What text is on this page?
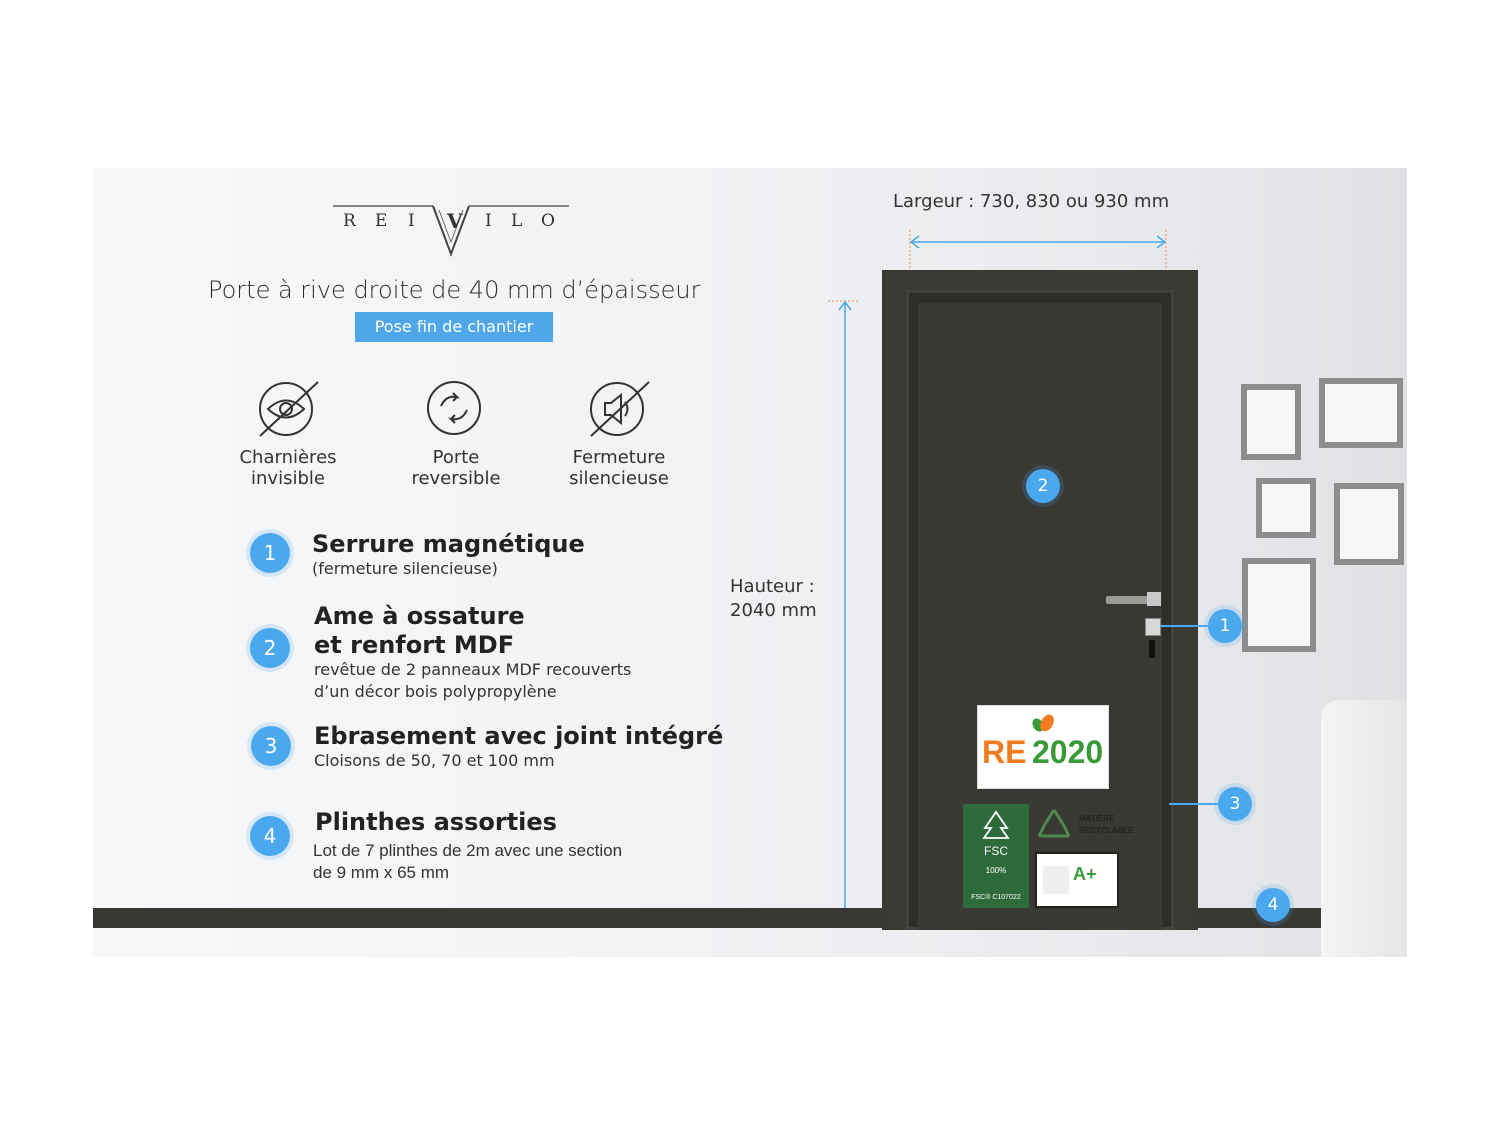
R E I V I L O
Porte à rive droite de 40 mm d’épaisseur
Pose fin de chantier
Charnières
invisible
Porte
reversible
Fermeture
silencieuse
1	Serrure magnétique
(fermeture silencieuse)
2
Ame à ossature
et renfort MDF
revêtue de 2 panneaux MDF recouverts
d’un décor bois polypropylène
3	Ebrasement avec joint intégré
Cloisons de 50, 70 et 100 mm
4	Plinthes assorties
Lot de 7 plinthes de 2m avec une section
de 9 mm x 65 mm
RE 2020
FSC
100%
FSC® C107022
MATIÈRE
RECYCLABLE
A+
Largeur : 730, 830 ou 930 mm
Hauteur :
2040 mm
2
1
3
4
